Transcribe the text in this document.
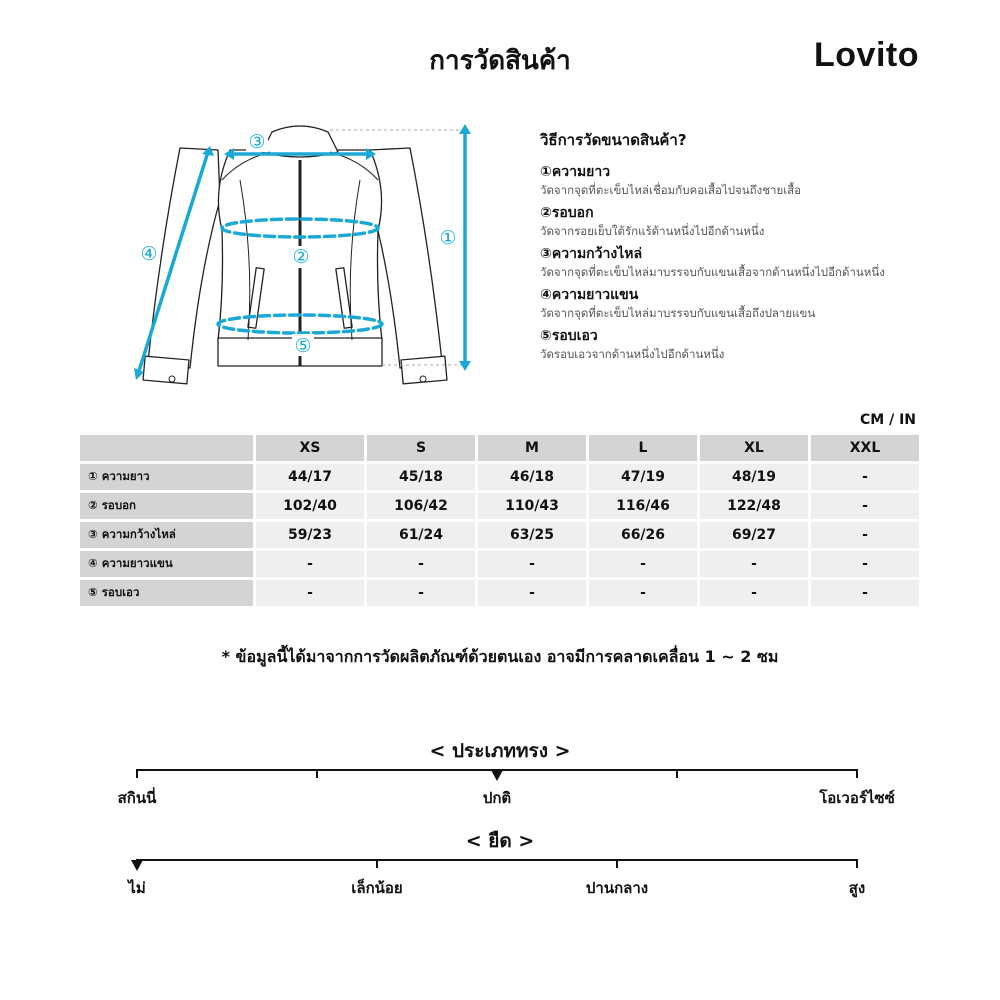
การวัดสินค้า	Lovito
①
②
③
④
⑤
วิธีการวัดขนาดสินค้า?
①ความยาว
วัดจากจุดที่ตะเข็บไหล่เชื่อมกับคอเสื้อไปจนถึงชายเสื้อ
②รอบอก
วัดจากรอยเย็บใต้รักแร้ด้านหนึ่งไปอีกด้านหนึ่ง
③ความกว้างไหล่
วัดจากจุดที่ตะเข็บไหล่มาบรรจบกับแขนเสื้อจากด้านหนึ่งไปอีกด้านหนึ่ง
④ความยาวแขน
วัดจากจุดที่ตะเข็บไหล่มาบรรจบกับแขนเสื้อถึงปลายแขน
⑤รอบเอว
วัดรอบเอวจากด้านหนึ่งไปอีกด้านหนึ่ง
CM / IN
	XS	S	M	L	XL	XXL
① ความยาว	44/17	45/18	46/18	47/19	48/19	-
② รอบอก	102/40	106/42	110/43	116/46	122/48	-
③ ความกว้างไหล่	59/23	61/24	63/25	66/26	69/27	-
④ ความยาวแขน	-	-	-	-	-	-
⑤ รอบเอว	-	-	-	-	-	-
* ข้อมูลนี้ได้มาจากการวัดผลิตภัณฑ์ด้วยตนเอง อาจมีการคลาดเคลื่อน 1 ~ 2 ซม
< ประเภททรง >
สกินนี่	ปกติ	โอเวอร์ไซซ์
< ยืด >
ไม่	เล็กน้อย	ปานกลาง	สูง
